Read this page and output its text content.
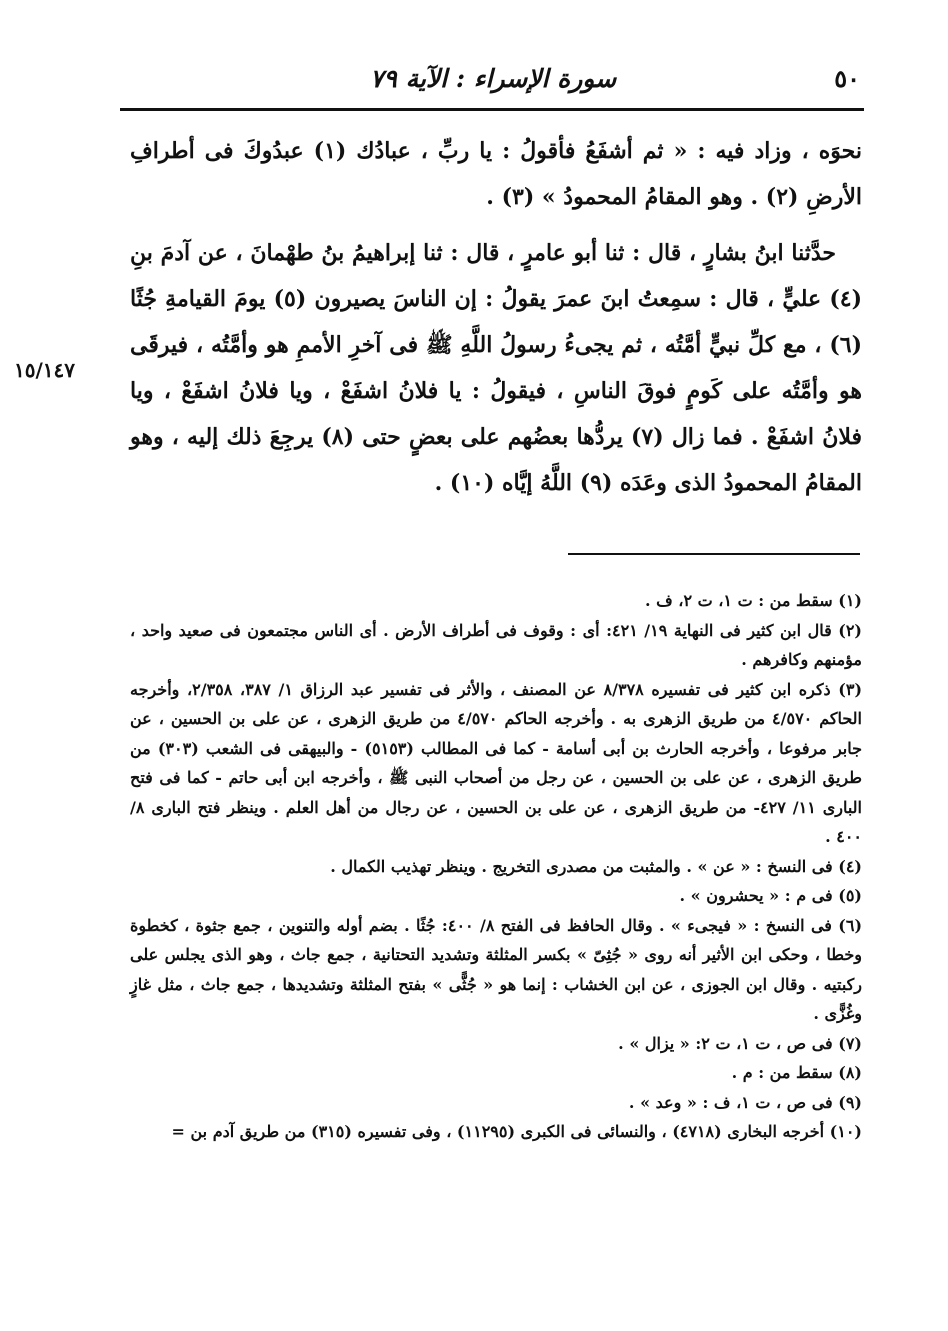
٥٠
سورة الإسراء : الآية ٧٩

نحوَه ، وزاد فيه : « ثم أشفَعُ فأقولُ : يا ربِّ ، عبادُك (١) عبدُوكَ فى أطرافِ الأرضِ (٢) . وهو المقامُ المحمودُ » (٣) .

حدَّثنا ابنُ بشارٍ ، قال : ثنا أبو عامرٍ ، قال : ثنا إبراهيمُ بنُ طهْمانَ ، عن آدمَ بنِ (٤) عليٍّ ، قال : سمِعتُ ابنَ عمرَ يقولُ : إن الناسَ يصيرون (٥) يومَ القيامةِ جُثًا (٦) ، مع كلِّ نبيٍّ أمَّتُه ، ثم يجىءُ رسولُ اللَّهِ ﷺ فى آخرِ الأممِ هو وأمَّتُه ، فيرقَى هو وأمَّتُه على كَومٍ فوقَ الناسِ ، فيقولُ : يا فلانُ اشفَعْ ، ويا فلانُ اشفَعْ ، ويا فلانُ اشفَعْ . فما زال (٧) يردُّها بعضُهم على بعضٍ حتى (٨) يرجِعَ ذلك إليه ، وهو المقامُ المحمودُ الذى وعَدَه (٩) اللَّهُ إيَّاه (١٠) .

١٥/١٤٧

(١) سقط من : ت ١، ت ٢، ف .

(٢) قال ابن كثير فى النهاية ١٩/ ٤٢١: أى : وقوف فى أطراف الأرض . أى الناس مجتمعون فى صعيد واحد ، مؤمنهم وكافرهم .

(٣) ذكره ابن كثير فى تفسيره ٨/٣٧٨ عن المصنف ، والأثر فى تفسير عبد الرزاق ١/ ٣٨٧، ٢/٣٥٨، وأخرجه الحاكم ٤/٥٧٠ من طريق الزهرى به . وأخرجه الحاكم ٤/٥٧٠ من طريق الزهرى ، عن على بن الحسين ، عن جابر مرفوعا ، وأخرجه الحارث بن أبى أسامة - كما فى المطالب (٥١٥٣) - والبيهقى فى الشعب (٣٠٣) من طريق الزهرى ، عن على بن الحسين ، عن رجل من أصحاب النبى ﷺ ، وأخرجه ابن أبى حاتم - كما فى فتح البارى ١١/ ٤٢٧- من طريق الزهرى ، عن على بن الحسين ، عن رجال من أهل العلم . وينظر فتح البارى ٨/ ٤٠٠ .

(٤) فى النسخ : « عن » . والمثبت من مصدرى التخريج . وينظر تهذيب الكمال .

(٥) فى م : « يحشرون » .

(٦) فى النسخ : « فيجىء » . وقال الحافظ فى الفتح ٨/ ٤٠٠: جُثًا . بضم أوله والتنوين ، جمع جثوة ، كخطوة وخطا ، وحكى ابن الأثير أنه روى « جُثِىّ » بكسر المثلثة وتشديد التحتانية ، جمع جاث ، وهو الذى يجلس على ركبتيه . وقال ابن الجوزى ، عن ابن الخشاب : إنما هو « جُثًّى » بفتح المثلثة وتشديدها ، جمع جاث ، مثل غازٍ وغُزًّى .

(٧) فى ص ، ت ١، ت ٢: « يزال » .

(٨) سقط من : م .

(٩) فى ص ، ت ١، ف : « وعد » .

(١٠) أخرجه البخارى (٤٧١٨) ، والنسائى فى الكبرى (١١٢٩٥) ، وفى تفسيره (٣١٥) من طريق آدم بن =
